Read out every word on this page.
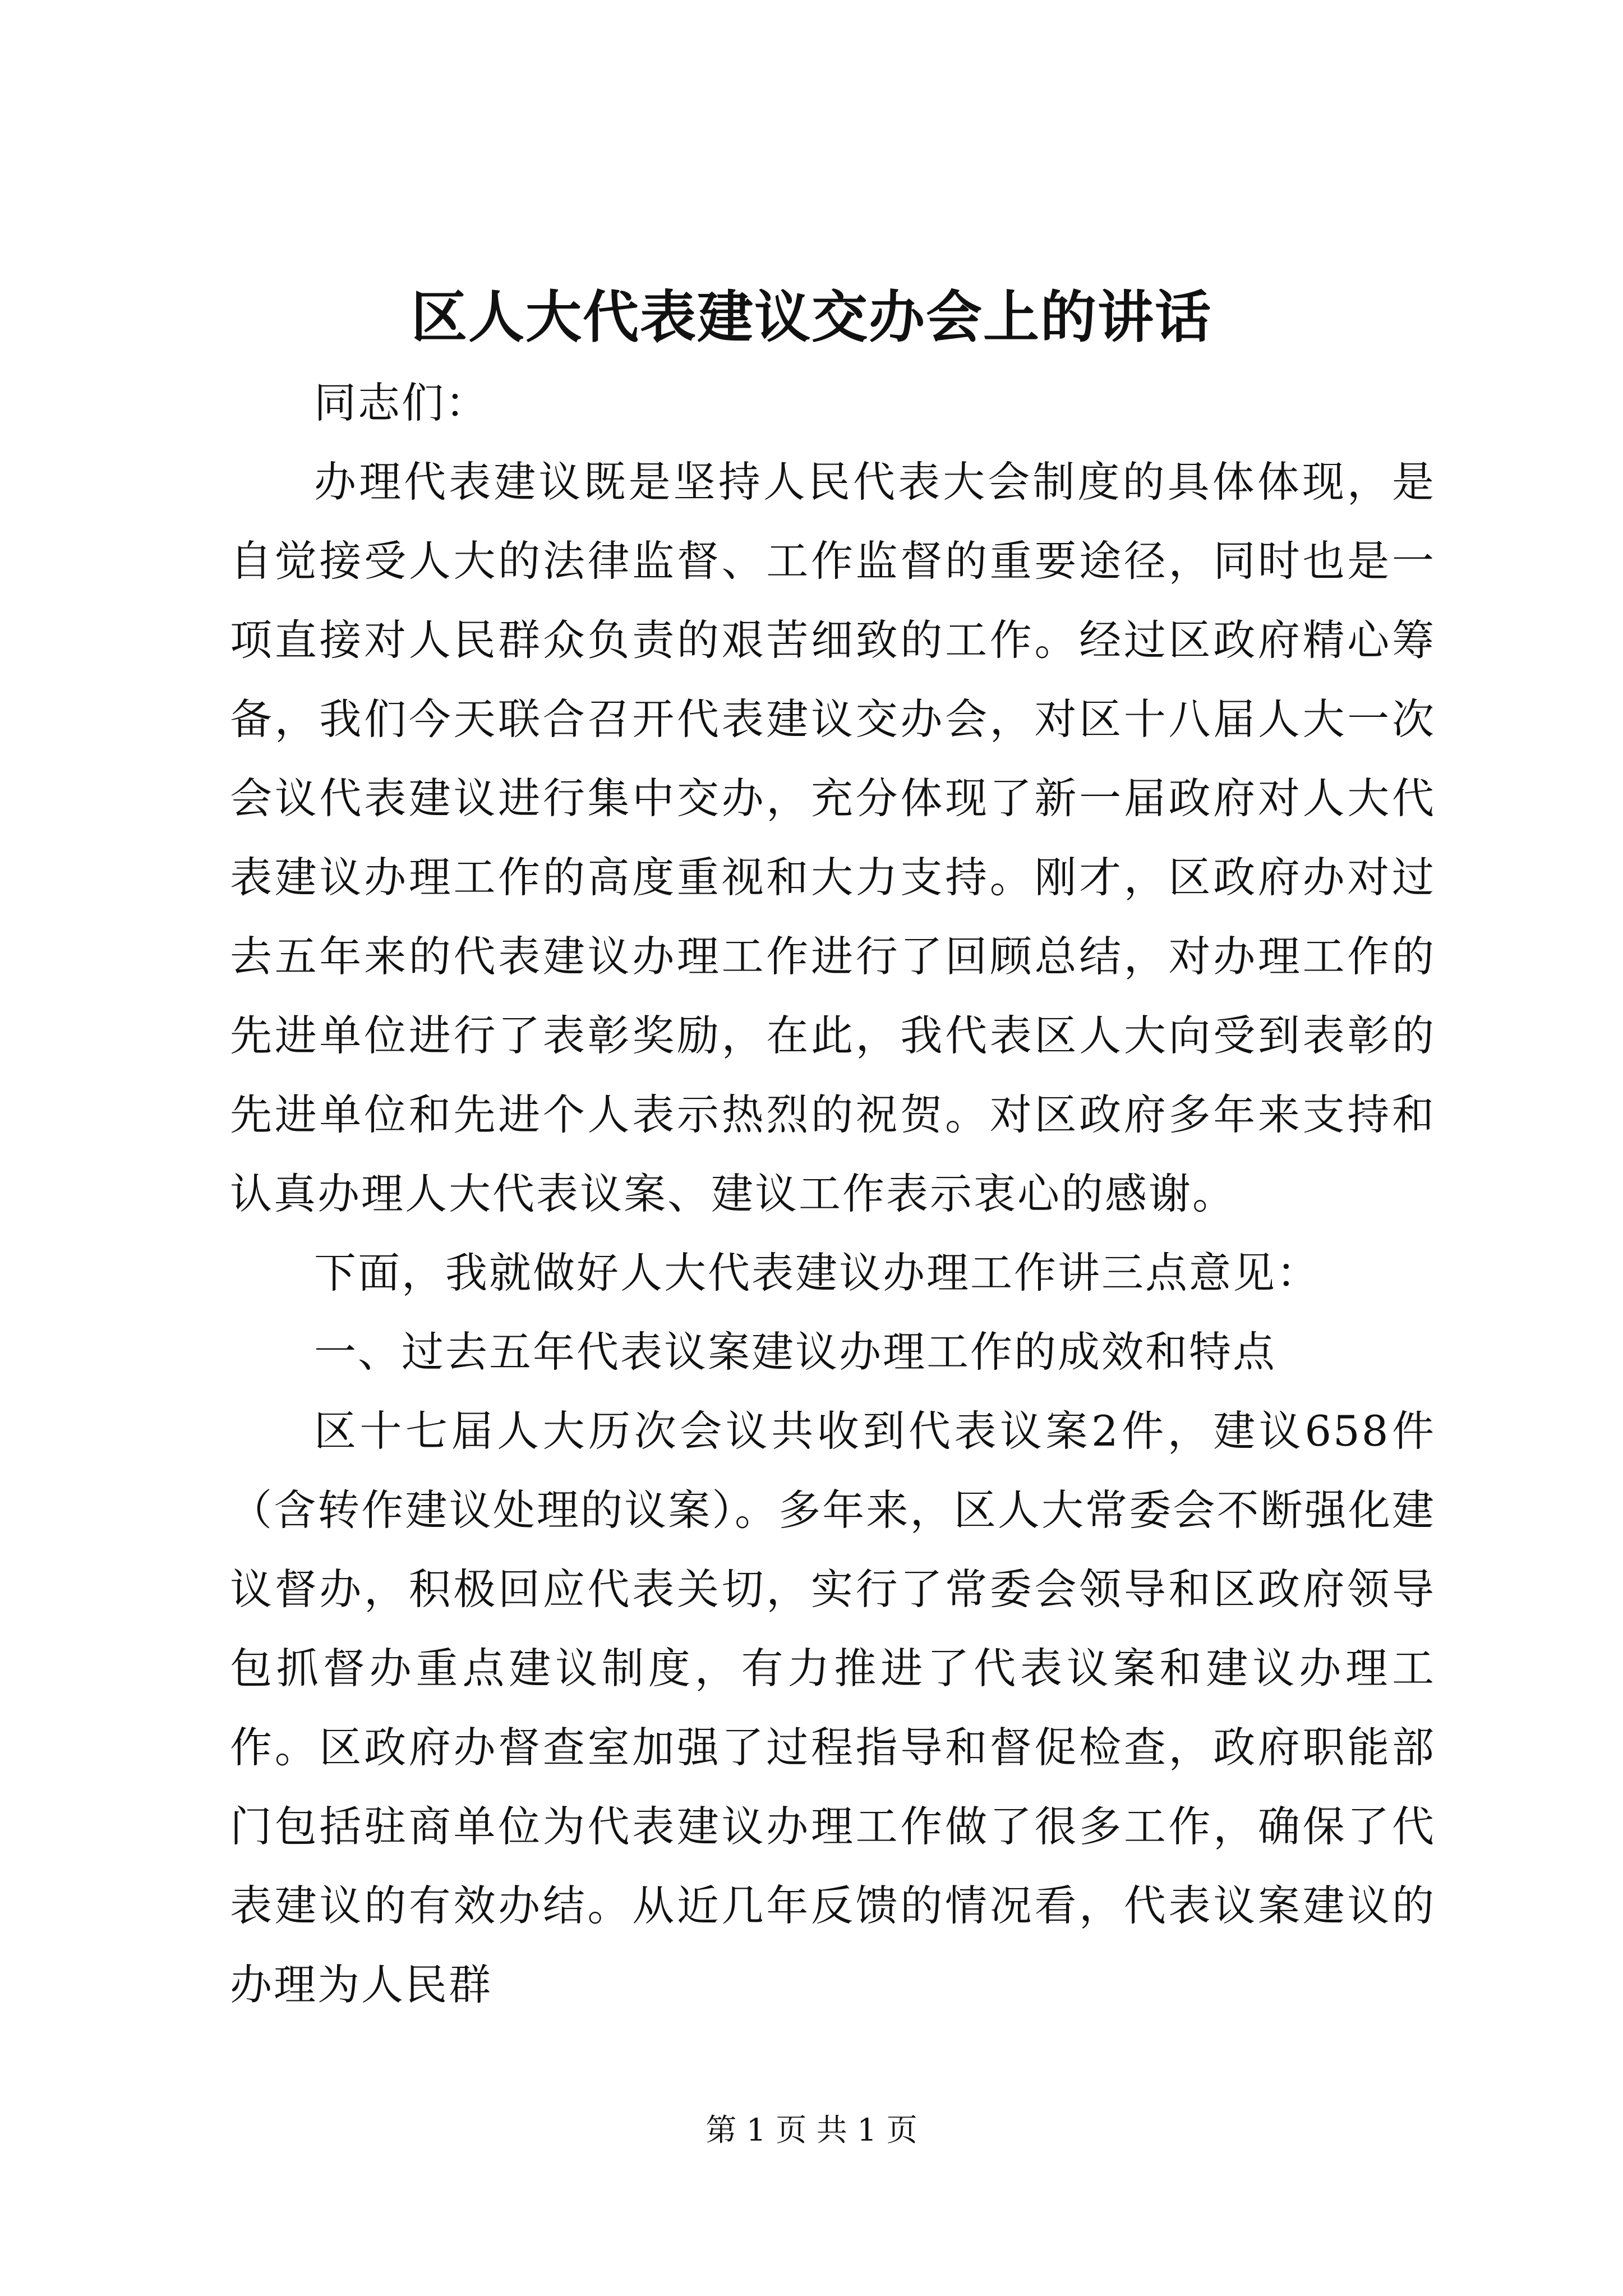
区人大代表建议交办会上的讲话

同志们：

办理代表建议既是坚持人民代表大会制度的具体体现，是自觉接受人大的法律监督、工作监督的重要途径，同时也是一项直接对人民群众负责的艰苦细致的工作。经过区政府精心筹备，我们今天联合召开代表建议交办会，对区十八届人大一次会议代表建议进行集中交办，充分体现了新一届政府对人大代表建议办理工作的高度重视和大力支持。刚才，区政府办对过去五年来的代表建议办理工作进行了回顾总结，对办理工作的先进单位进行了表彰奖励，在此，我代表区人大向受到表彰的先进单位和先进个人表示热烈的祝贺。对区政府多年来支持和认真办理人大代表议案、建议工作表示衷心的感谢。

下面，我就做好人大代表建议办理工作讲三点意见：

一、过去五年代表议案建议办理工作的成效和特点

区十七届人大历次会议共收到代表议案2件，建议658件（含转作建议处理的议案）。多年来，区人大常委会不断强化建议督办，积极回应代表关切，实行了常委会领导和区政府领导包抓督办重点建议制度，有力推进了代表议案和建议办理工作。区政府办督查室加强了过程指导和督促检查，政府职能部门包括驻商单位为代表建议办理工作做了很多工作，确保了代表建议的有效办结。从近几年反馈的情况看，代表议案建议的办理为人民群

第 1 页 共 1 页
